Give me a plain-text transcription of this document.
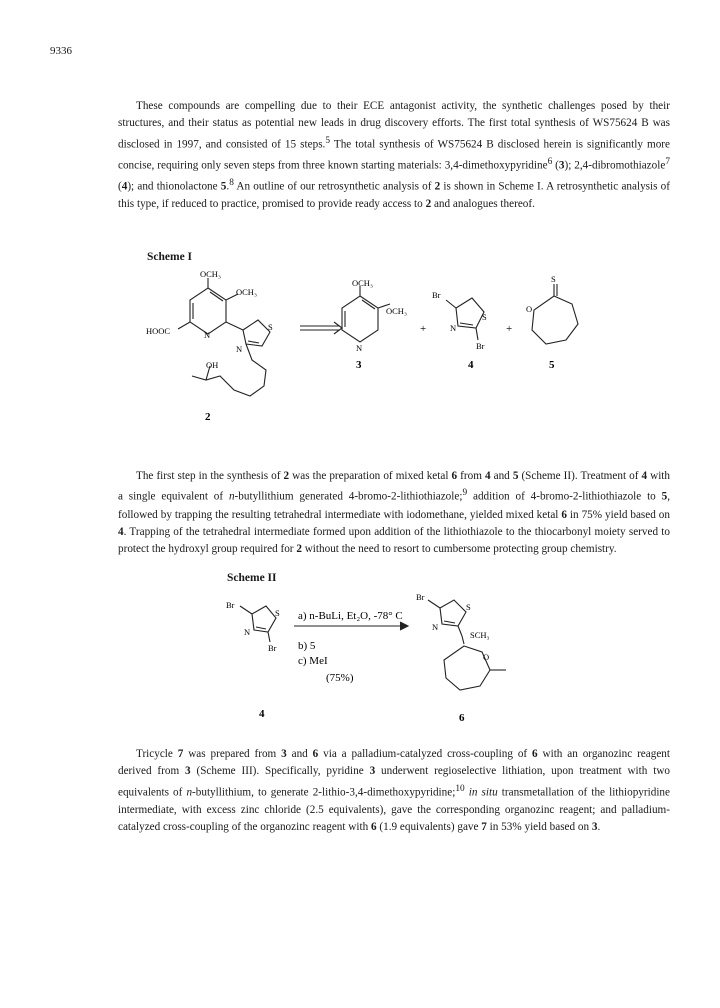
9336

These compounds are compelling due to their ECE antagonist activity, the synthetic challenges posed by their structures, and their status as potential new leads in drug discovery efforts. The first total synthesis of WS75624 B was disclosed in 1997, and consisted of 15 steps.$^5$ The total synthesis of WS75624 B disclosed herein is significantly more concise, requiring only seven steps from three known starting materials: 3,4-dimethoxypyridine$^6$ (3); 2,4-dibromothiazole$^7$ (4); and thionolactone 5.$^8$ An outline of our retrosynthetic analysis of 2 is shown in Scheme I. A retrosynthetic analysis of this type, if reduced to practice, promised to provide ready access to 2 and analogues thereof.

Scheme I
OCH₃
OCH₃
HOOC	N
N
S
OH
OCH₃
OCH₃
N
+
Br
S
N
Br
+
S
O
2
3	4	5

The first step in the synthesis of 2 was the preparation of mixed ketal 6 from 4 and 5 (Scheme II). Treatment of 4 with a single equivalent of n-butyllithium generated 4-bromo-2-lithiothiazole;$^9$ addition of 4-bromo-2-lithiothiazole to 5, followed by trapping the resulting tetrahedral intermediate with iodomethane, yielded mixed ketal 6 in 75% yield based on 4. Trapping of the tetrahedral intermediate formed upon addition of the lithiothiazole to the thiocarbonyl moiety served to protect the hydroxyl group required for 2 without the need to resort to cumbersome protecting group chemistry.

Scheme II
Br
S
N
Br
Br
S
N
SCH₃
O
a) n-BuLi, Et₂O, -78° C
b) 5
c) MeI
(75%)
4	6

Tricycle 7 was prepared from 3 and 6 via a palladium-catalyzed cross-coupling of 6 with an organozinc reagent derived from 3 (Scheme III). Specifically, pyridine 3 underwent regioselective lithiation, upon treatment with two equivalents of n-butyllithium, to generate 2-lithio-3,4-dimethoxypyridine;$^{10}$ in situ transmetallation of the lithiopyridine intermediate, with excess zinc chloride (2.5 equivalents), gave the corresponding organozinc reagent; and palladium-catalyzed cross-coupling of the organozinc reagent with 6 (1.9 equivalents) gave 7 in 53% yield based on 3.
